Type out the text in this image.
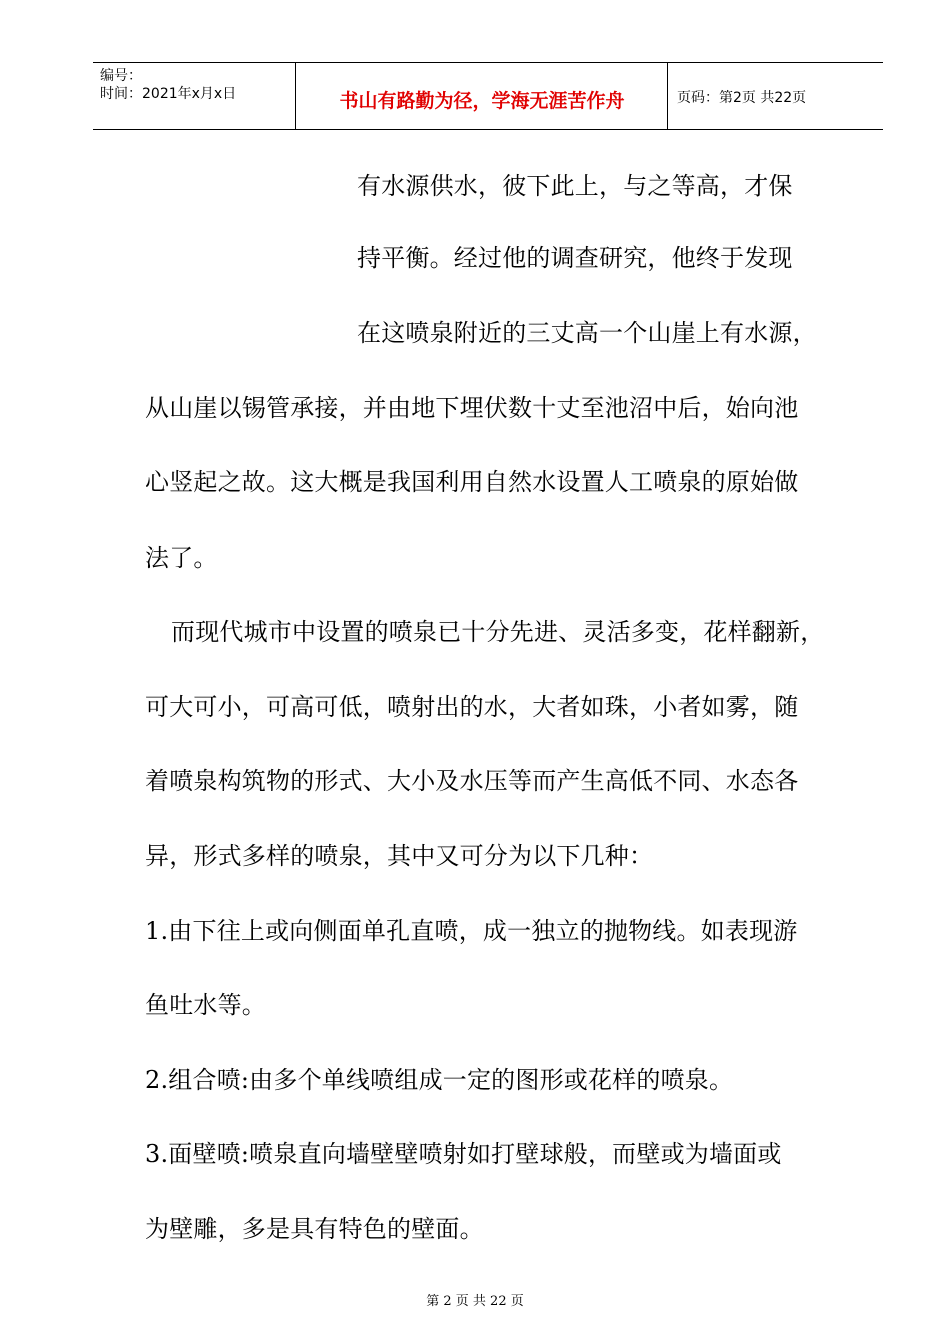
编号：
时间：2021年x月x日	书山有路勤为径，学海无涯苦作舟	页码：第2页 共22页
有水源供水，彼下此上，与之等高，才保
持平衡。经过他的调查研究，他终于发现
在这喷泉附近的三丈高一个山崖上有水源，
从山崖以锡管承接，并由地下埋伏数十丈至池沼中后，始向池
心竖起之故。这大概是我国利用自然水设置人工喷泉的原始做
法了。
而现代城市中设置的喷泉已十分先进、灵活多变，花样翻新，
可大可小，可高可低，喷射出的水，大者如珠，小者如雾，随
着喷泉构筑物的形式、大小及水压等而产生高低不同、水态各
异，形式多样的喷泉，其中又可分为以下几种：
1.由下往上或向侧面单孔直喷，成一独立的抛物线。如表现游
鱼吐水等。
2.组合喷:由多个单线喷组成一定的图形或花样的喷泉。
3.面壁喷:喷泉直向墙壁壁喷射如打壁球般，而壁或为墙面或
为壁雕，多是具有特色的壁面。
第 2 页 共 22 页
